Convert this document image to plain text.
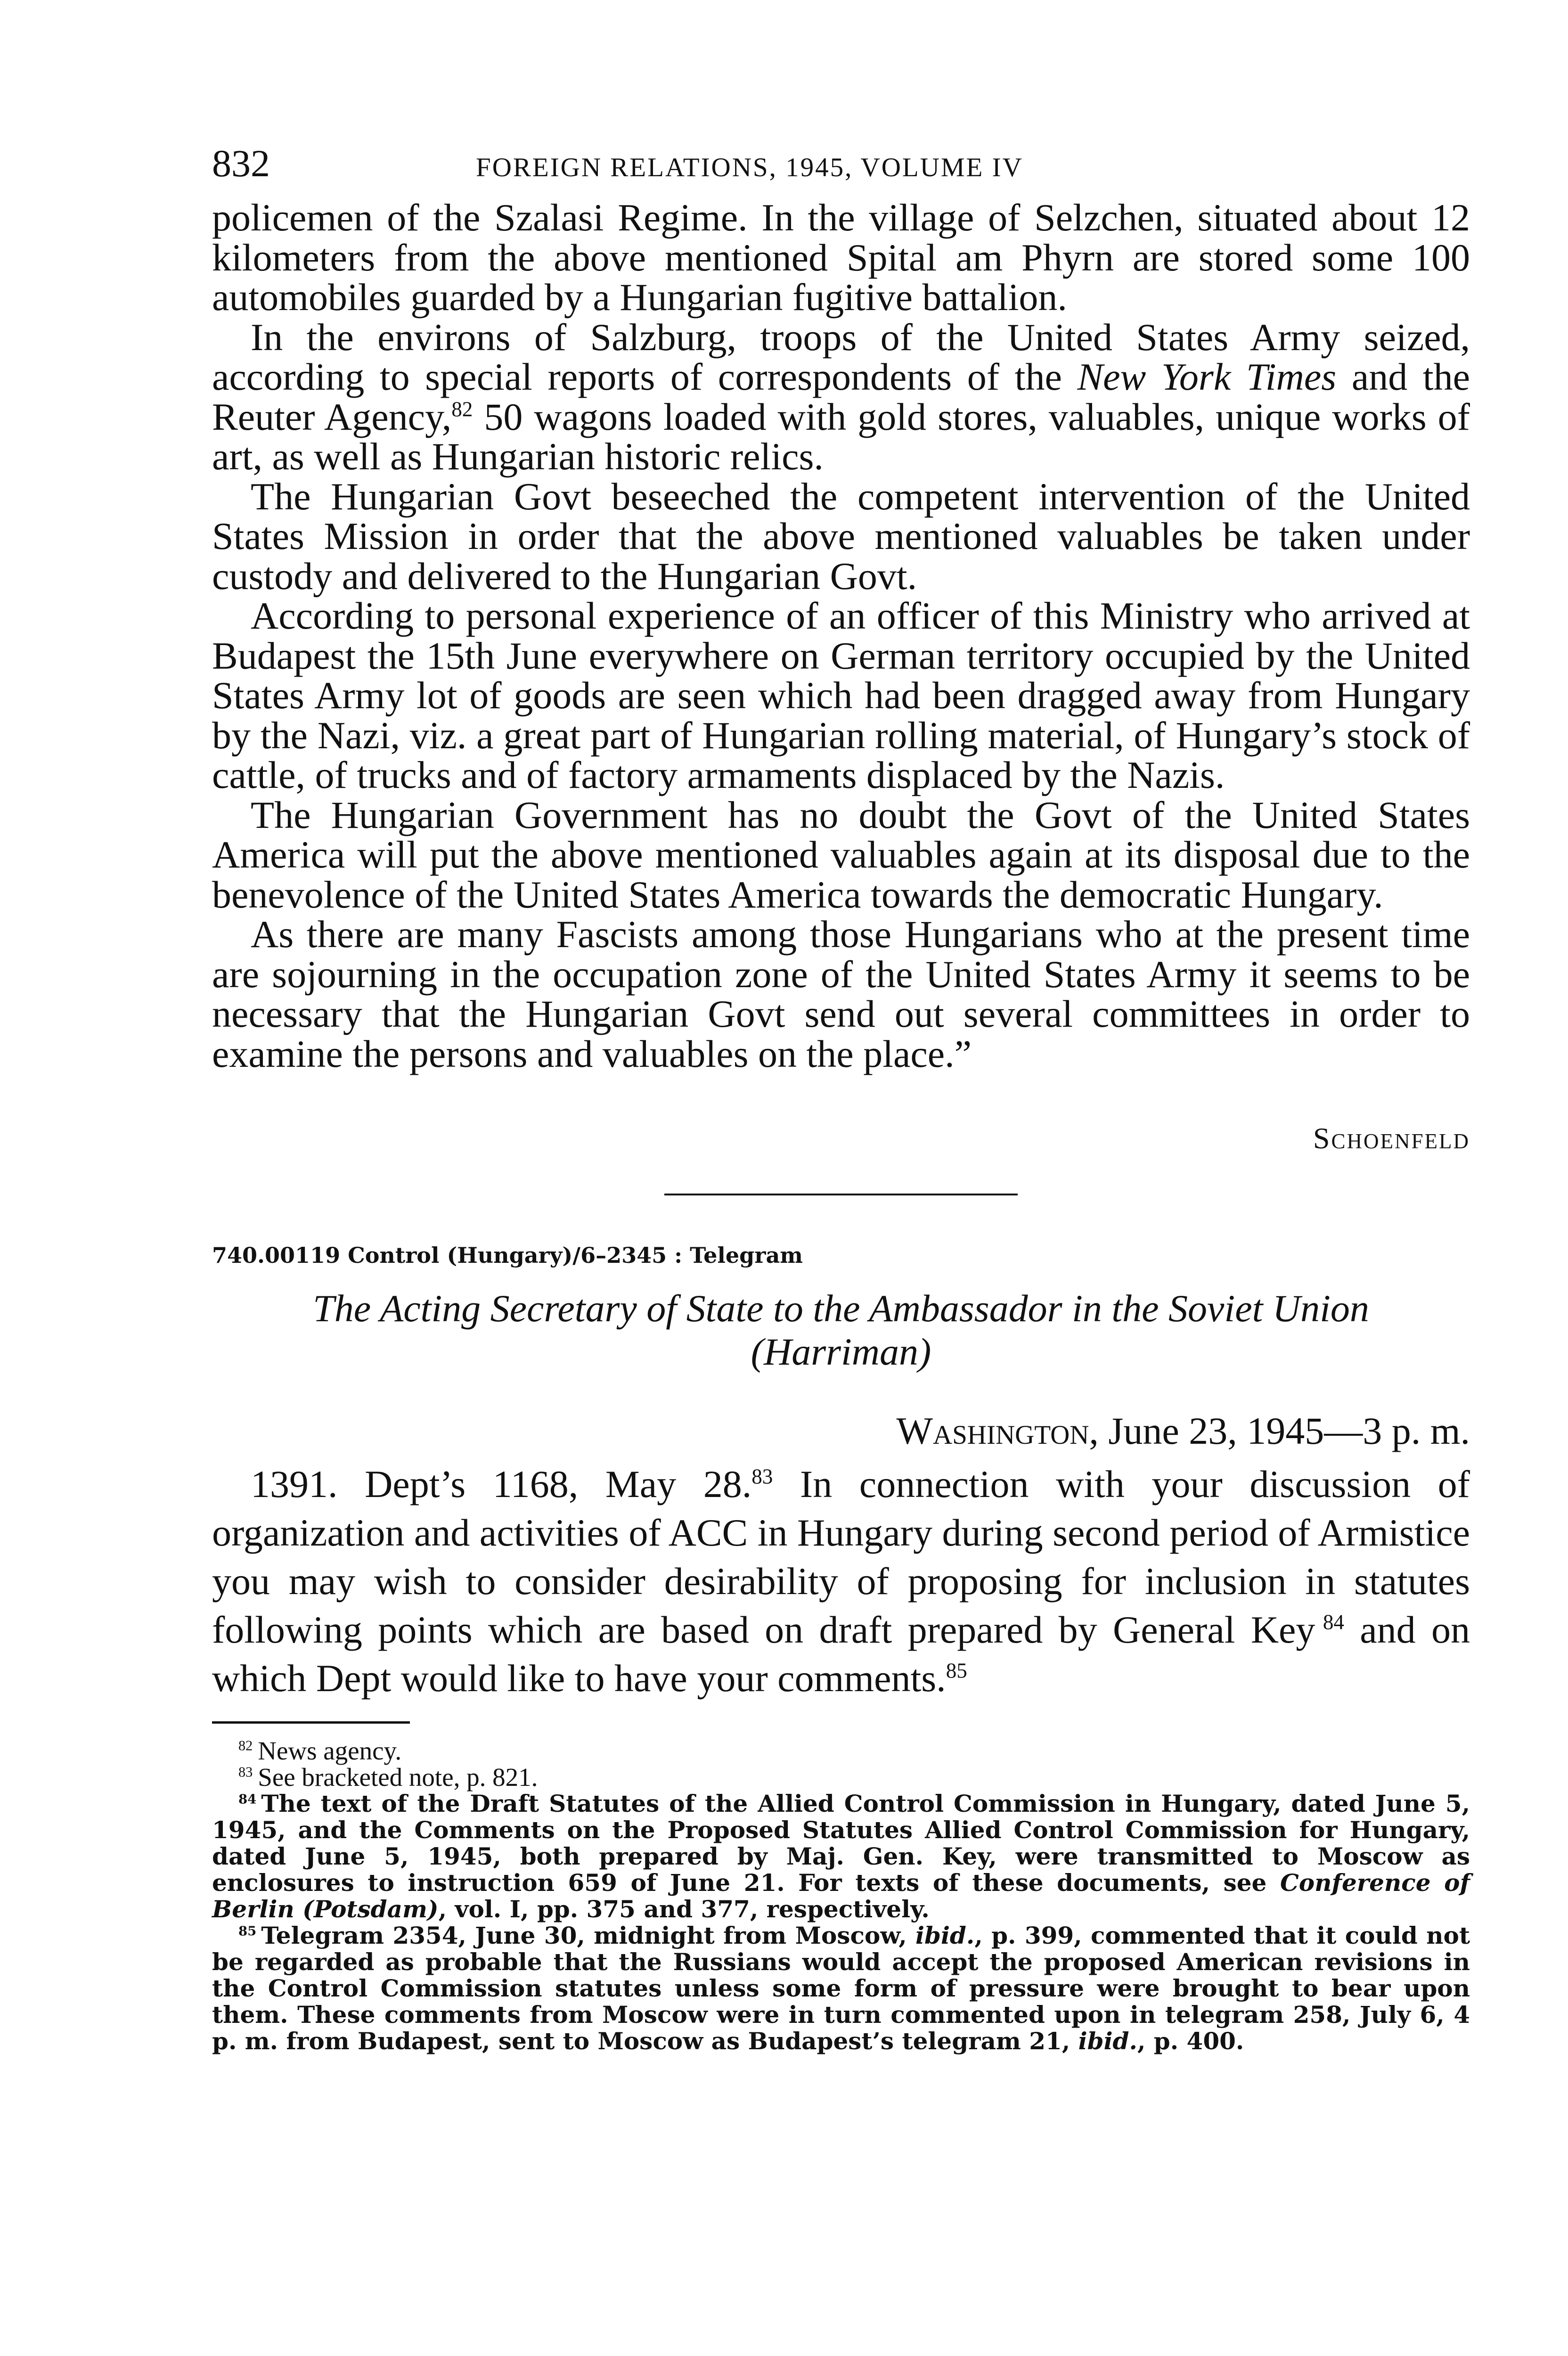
832	FOREIGN RELATIONS, 1945, VOLUME IV

policemen of the Szalasi Regime. In the village of Selzchen, situated about 12 kilometers from the above mentioned Spital am Phyrn are stored some 100 automobiles guarded by a Hungarian fugitive battalion.

In the environs of Salzburg, troops of the United States Army seized, according to special reports of correspondents of the New York Times and the Reuter Agency,$^{82}$ 50 wagons loaded with gold stores, valuables, unique works of art, as well as Hungarian historic relics.

The Hungarian Govt beseeched the competent intervention of the United States Mission in order that the above mentioned valuables be taken under custody and delivered to the Hungarian Govt.

According to personal experience of an officer of this Ministry who arrived at Budapest the 15th June everywhere on German territory occupied by the United States Army lot of goods are seen which had been dragged away from Hungary by the Nazi, viz. a great part of Hungarian rolling material, of Hungary’s stock of cattle, of trucks and of factory armaments displaced by the Nazis.

The Hungarian Government has no doubt the Govt of the United States America will put the above mentioned valuables again at its disposal due to the benevolence of the United States America towards the democratic Hungary.

As there are many Fascists among those Hungarians who at the present time are sojourning in the occupation zone of the United States Army it seems to be necessary that the Hungarian Govt send out several committees in order to examine the persons and valuables on the place.”

Schoenfeld
740.00119 Control (Hungary)/6–2345 : Telegram
The Acting Secretary of State to the Ambassador in the Soviet Union
(Harriman)
Washington, June 23, 1945—3 p. m.

1391. Dept’s 1168, May 28.83 In connection with your discussion of organization and activities of ACC in Hungary during second period of Armistice you may wish to consider desirability of proposing for inclusion in statutes following points which are based on draft prepared by General Key  $^{84}$ and on which Dept would like to have your comments.$^{85}$

$^{82}$  News agency.

$^{83}$  See bracketed note, p. 821.

$^{84}$  The text of the Draft Statutes of the Allied Control Commission in Hungary, dated June 5, 1945, and the Comments on the Proposed Statutes Allied Control Commission for Hungary, dated June 5, 1945, both prepared by Maj. Gen. Key, were transmitted to Moscow as enclosures to instruction 659 of June 21. For texts of these documents, see Conference of Berlin (Potsdam), vol. I, pp. 375 and 377, respectively.

$^{85}$  Telegram 2354, June 30, midnight from Moscow, ibid., p. 399, commented that it could not be regarded as probable that the Russians would accept the proposed American revisions in the Control Commission statutes unless some form of pressure were brought to bear upon them. These comments from Moscow were in turn commented upon in telegram 258, July 6, 4 p. m. from Budapest, sent to Moscow as Budapest’s telegram 21, ibid., p. 400.
